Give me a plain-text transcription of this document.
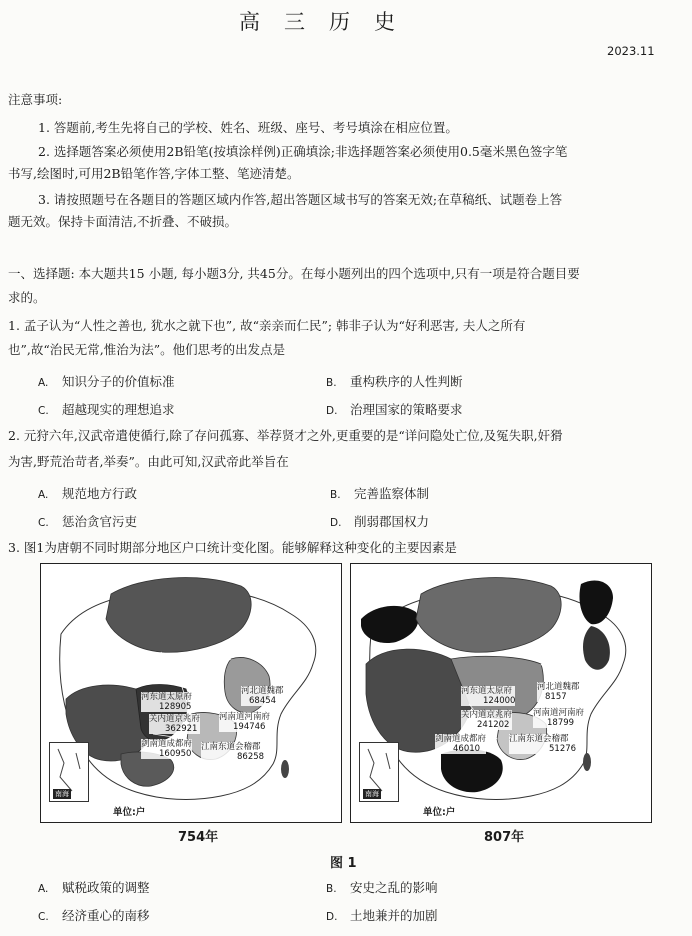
高三历史
2023.11
注意事项:
1. 答题前,考生先将自己的学校、姓名、班级、座号、考号填涂在相应位置。
2. 选择题答案必须使用2B铅笔(按填涂样例)正确填涂;非选择题答案必须使用0.5毫米黑色签字笔
书写,绘图时,可用2B铅笔作答,字体工整、笔迹清楚。
3. 请按照题号在各题目的答题区域内作答,超出答题区域书写的答案无效;在草稿纸、试题卷上答
题无效。保持卡面清洁,不折叠、不破损。
一、选择题: 本大题共15 小题, 每小题3分, 共45分。在每小题列出的四个选项中,只有一项是符合题目要
求的。
1. 孟子认为“人性之善也, 犹水之就下也”, 故“亲亲而仁民”; 韩非子认为“好利恶害, 夫人之所有
也”,故“治民无常,惟治为法”。他们思考的出发点是
A. 知识分子的价值标准	B. 重构秩序的人性判断
C. 超越现实的理想追求	D. 治理国家的策略要求
2. 元狩六年,汉武帝遣使循行,除了存问孤寡、举荐贤才之外,更重要的是“详问隐处亡位,及冤失职,奸猾
为害,野荒治苛者,举奏”。由此可知,汉武帝此举旨在
A. 规范地方行政	B. 完善监察体制
C. 惩治贪官污吏	D. 削弱郡国权力
3. 图1为唐朝不同时期部分地区户口统计变化图。能够解释这种变化的主要因素是
南海
单位:户
河东道太原府
128905
河北道魏郡
68454
关内道京兆府
362921
河南道河南府
194746
剑南道成都府
160950
江南东道会稽郡
86258
754年
南海
单位:户
河东道太原府
124000
河北道魏郡
8157
关内道京兆府
241202
河南道河南府
18799
剑南道成都府
46010
江南东道会稽郡
51276
807年
图 1
A. 赋税政策的调整	B. 安史之乱的影响
C. 经济重心的南移	D. 土地兼并的加剧
